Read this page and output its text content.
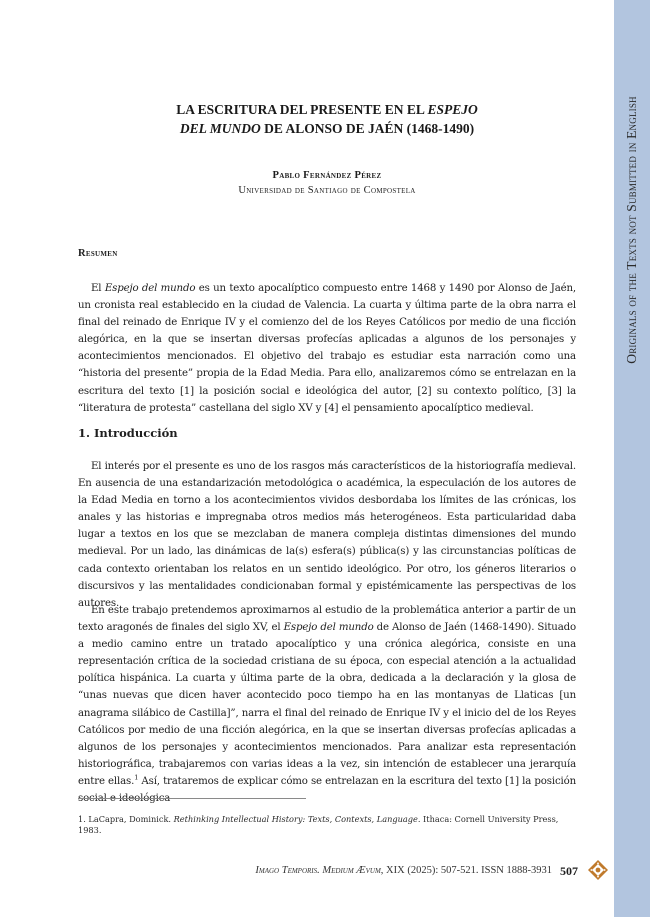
Originals of the Texts not Submitted in English
LA ESCRITURA DEL PRESENTE EN EL ESPEJO
DEL MUNDO DE ALONSO DE JAÉN (1468-1490)
Pablo Fernández Pérez
Universidad de Santiago de Compostela
Resumen

El Espejo del mundo es un texto apocalíptico compuesto entre 1468 y 1490 por Alonso de Jaén, un cronista real establecido en la ciudad de Valencia. La cuarta y última parte de la obra narra el final del reinado de Enrique IV y el comienzo del de los Reyes Católicos por medio de una ficción alegórica, en la que se insertan diversas profecías aplicadas a algunos de los personajes y acontecimientos mencionados. El objetivo del trabajo es estudiar esta narración como una “historia del presente” propia de la Edad Media. Para ello, analizaremos cómo se entrelazan en la escritura del texto [1] la posición social e ideológica del autor, [2] su contexto político, [3] la “literatura de protesta” castellana del siglo XV y [4] el pensamiento apocalíptico medieval.

1. Introducción

El interés por el presente es uno de los rasgos más característicos de la historiografía medieval. En ausencia de una estandarización metodológica o académica, la especulación de los autores de la Edad Media en torno a los acontecimientos vividos desbordaba los límites de las crónicas, los anales y las historias e impregnaba otros medios más heterogéneos. Esta particularidad daba lugar a textos en los que se mezclaban de manera compleja distintas dimensiones del mundo medieval. Por un lado, las dinámicas de la(s) esfera(s) pública(s) y las circunstancias políticas de cada contexto orientaban los relatos en un sentido ideológico. Por otro, los géneros literarios o discursivos y las mentalidades condicionaban formal y epistémicamente las perspectivas de los autores.

En este trabajo pretendemos aproximarnos al estudio de la problemática anterior a partir de un texto aragonés de finales del siglo XV, el Espejo del mundo de Alonso de Jaén (1468-1490). Situado a medio camino entre un tratado apocalíptico y una crónica alegórica, consiste en una representación crítica de la sociedad cristiana de su época, con especial atención a la actualidad política hispánica. La cuarta y última parte de la obra, dedicada a la declaración y la glosa de “unas nuevas que dicen haver acontecido poco tiempo ha en las montanyas de Llaticas [un anagrama silábico de Castilla]”, narra el final del reinado de Enrique IV y el inicio del de los Reyes Católicos por medio de una ficción alegórica, en la que se insertan diversas profecías aplicadas a algunos de los personajes y acontecimientos mencionados. Para analizar esta representación historiográfica, trabajaremos con varias ideas a la vez, sin intención de establecer una jerarquía entre ellas.$^1$ Así, trataremos de explicar cómo se entrelazan en la escritura del texto [1] la posición social e ideológica

1. LaCapra, Dominick. Rethinking Intellectual History: Texts, Contexts, Language. Ithaca: Cornell University Press, 1983.
Imago Temporis. Medium Ævum, XIX (2025): 507-521. ISSN 1888-3931 507
